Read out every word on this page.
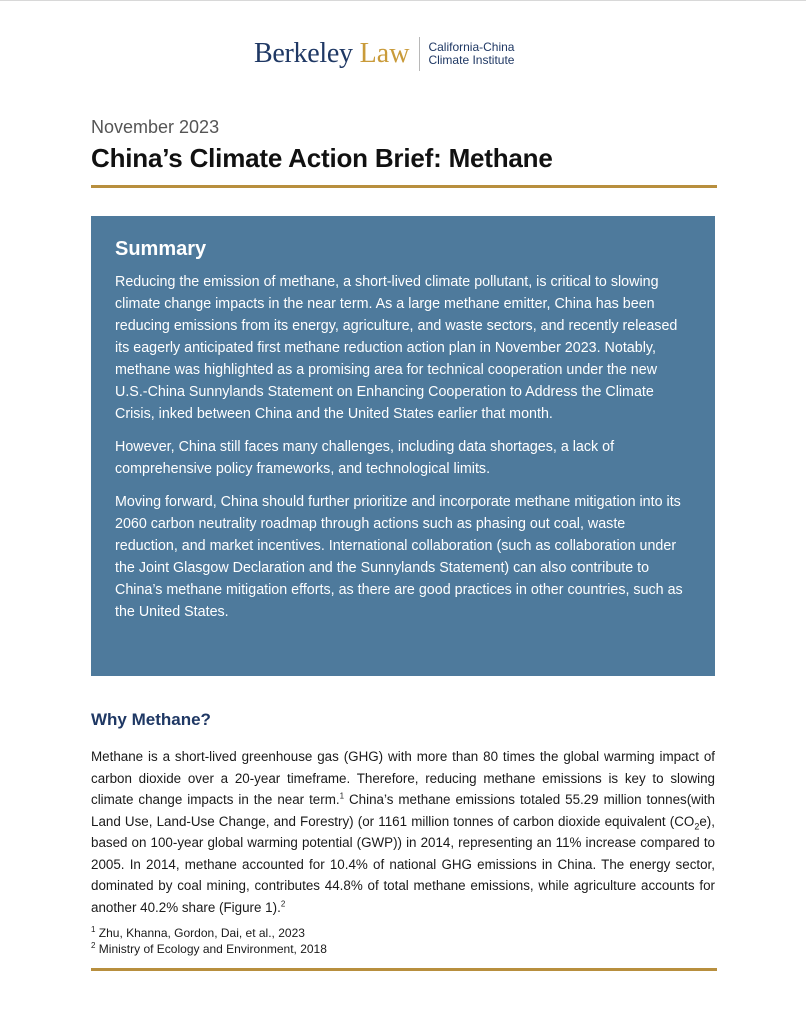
Berkeley Law California-China
Climate Institute
November 2023
China’s Climate Action Brief: Methane
Summary

Reducing the emission of methane, a short-lived climate pollutant, is critical to slowing climate change impacts in the near term. As a large methane emitter, China has been reducing emissions from its energy, agriculture, and waste sectors, and recently released its eagerly anticipated first methane reduction action plan in November 2023. Notably, methane was highlighted as a promising area for technical cooperation under the new U.S.-China Sunnylands Statement on Enhancing Cooperation to Address the Climate Crisis, inked between China and the United States earlier that month.

However, China still faces many challenges, including data shortages, a lack of comprehensive policy frameworks, and technological limits.

Moving forward, China should further prioritize and incorporate methane mitigation into its 2060 carbon neutrality roadmap through actions such as phasing out coal, waste reduction, and market incentives. International collaboration (such as collaboration under the Joint Glasgow Declaration and the Sunnylands Statement) can also contribute to China’s methane mitigation efforts, as there are good practices in other countries, such as the United States.

Why Methane?

Methane is a short-lived greenhouse gas (GHG) with more than 80 times the global warming impact of carbon dioxide over a 20-year timeframe. Therefore, reducing methane emissions is key to slowing climate change impacts in the near term.$^1$ China’s methane emissions totaled 55.29 million tonnes(with Land Use, Land-Use Change, and Forestry) (or 1161 million tonnes of carbon dioxide equivalent $(CO_2e)$, based on 100-year global warming potential (GWP)) in 2014, representing an 11% increase compared to 2005. In 2014, methane accounted for 10.4% of national GHG emissions in China. The energy sector, dominated by coal mining, contributes 44.8% of total methane emissions, while agriculture accounts for another 40.2% share (Figure 1).$^2$

$^1$ Zhu, Khanna, Gordon, Dai, et al., 2023
$^2$ Ministry of Ecology and Environment, 2018
